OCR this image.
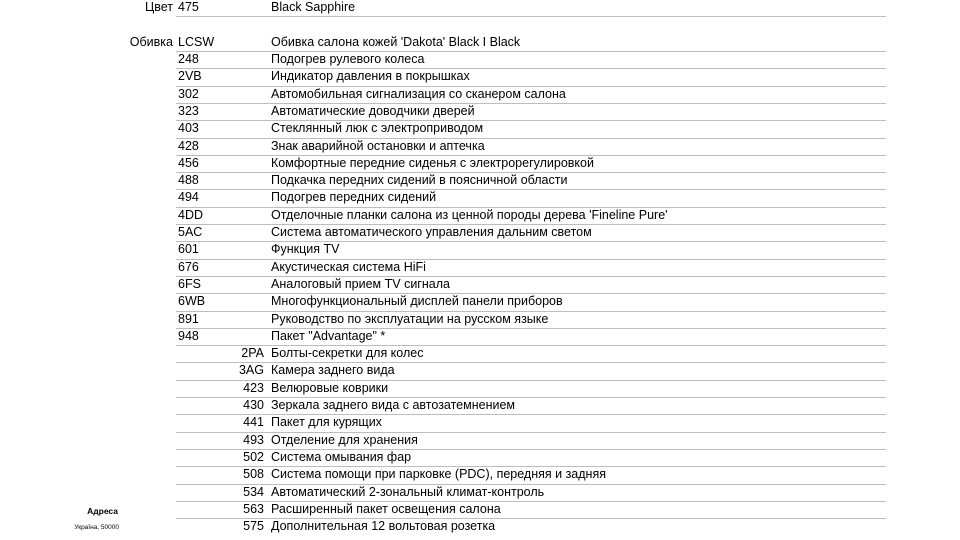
Цвет 475	Black Sapphire
Обивка LCSW	Обивка салона кожей 'Dakota' Black I Black
Адреса
Україна, 50000
248	Подогрев рулевого колеса
2VB	Индикатор давления в покрышках
302	Автомобильная сигнализация со сканером салона
323	Автоматические доводчики дверей
403	Стеклянный люк с электроприводом
428	Знак аварийной остановки и аптечка
456	Комфортные передние сиденья с электрорегулировкой
488	Подкачка передних сидений в поясничной области
494	Подогрев передних сидений
4DD	Отделочные планки салона из ценной породы дерева 'Fineline Pure'
5AC	Система автоматического управления дальним светом
601	Функция TV
676	Акустическая система HiFi
6FS	Аналоговый прием TV сигнала
6WB	Многофункциональный дисплей панели приборов
891	Руководство по эксплуатации на русском языке
948	Пакет "Advantage" *
2PA Болты-секретки для колес
3AG Камера заднего вида
423 Велюровые коврики
430 Зеркала заднего вида с автозатемнением
441 Пакет для курящих
493 Отделение для хранения
502 Система омывания фар
508 Система помощи при парковке (PDC), передняя и задняя
534 Автоматический 2-зональный климат-контроль
563 Расширенный пакет освещения салона
575 Дополнительная 12 вольтовая розетка
